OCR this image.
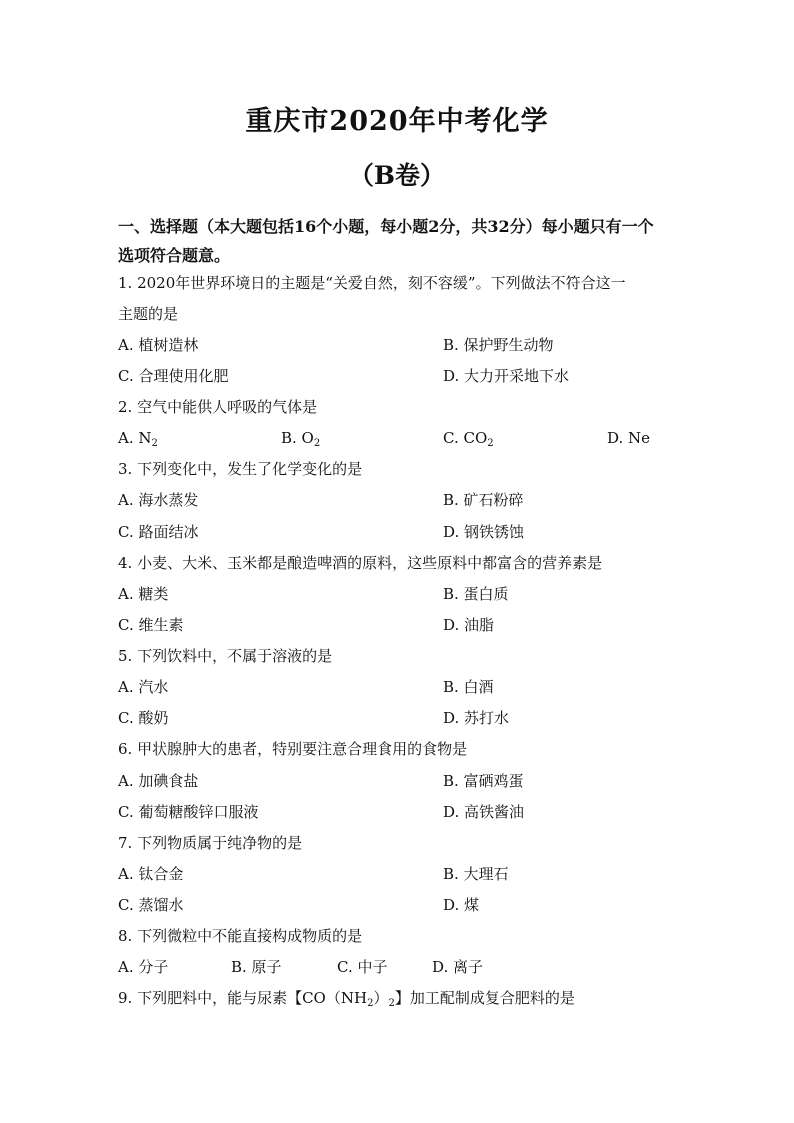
重庆市2020年中考化学
（B卷）
一、选择题（本大题包括16个小题，每小题2分，共32分）每小题只有一个
选项符合题意。
1. 2020年世界环境日的主题是“关爱自然，刻不容缓”。下列做法不符合这一
主题的是
A. 植树造林	B. 保护野生动物
C. 合理使用化肥	D. 大力开采地下水
2. 空气中能供人呼吸的气体是
A. $N_2$	B. $O_2$	C. $CO_2$	D. Ne
3. 下列变化中，发生了化学变化的是
A. 海水蒸发	B. 矿石粉碎
C. 路面结冰	D. 钢铁锈蚀
4. 小麦、大米、玉米都是酿造啤酒的原料，这些原料中都富含的营养素是
A. 糖类	B. 蛋白质
C. 维生素	D. 油脂
5. 下列饮料中，不属于溶液的是
A. 汽水	B. 白酒
C. 酸奶	D. 苏打水
6. 甲状腺肿大的患者，特别要注意合理食用的食物是
A. 加碘食盐	B. 富硒鸡蛋
C. 葡萄糖酸锌口服液	D. 高铁酱油
7. 下列物质属于纯净物的是
A. 钛合金	B. 大理石
C. 蒸馏水	D. 煤
8. 下列微粒中不能直接构成物质的是
A. 分子	B. 原子	C. 中子	D. 离子
9. 下列肥料中，能与尿素【$CO(NH_2)_2$】加工配制成复合肥料的是
